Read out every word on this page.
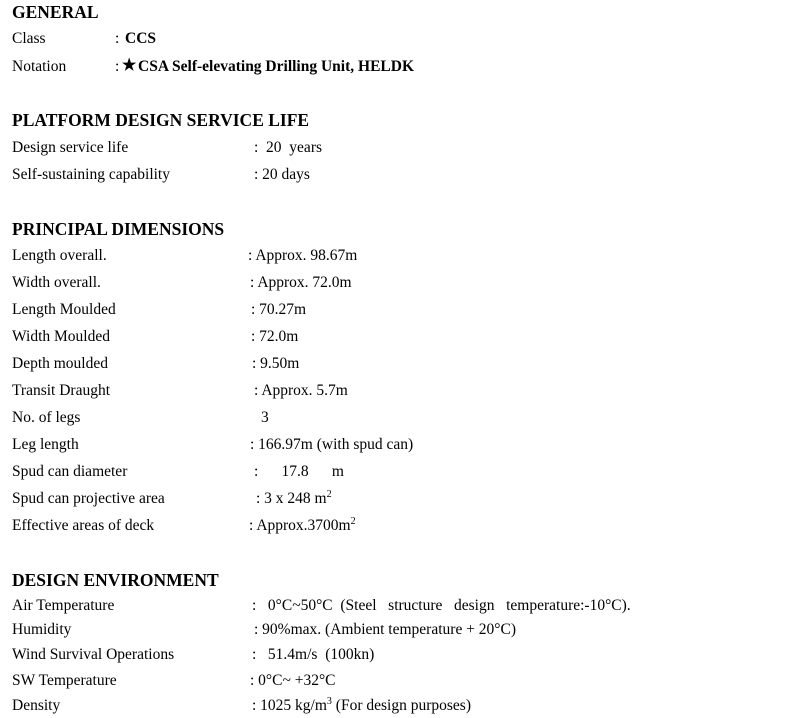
GENERAL
Class	: CCS
Notation	: ★ CSA Self-elevating Drilling Unit, HELDK
PLATFORM DESIGN SERVICE LIFE
Design service life	:  20  years
Self-sustaining capability	: 20 days
PRINCIPAL DIMENSIONS
Length overall.	: Approx. 98.67m
Width overall.	: Approx. 72.0m
Length Moulded	: 70.27m
Width Moulded	: 72.0m
Depth moulded	: 9.50m
Transit Draught	: Approx. 5.7m
No. of legs	3
Leg length	: 166.97m (with spud can)
Spud can diameter	:      17.8      m
Spud can projective area	: 3 x 248 $m^2$
Effective areas of deck	: $Approx.3700m^2$
DESIGN ENVIRONMENT
Air Temperature	:   0°C~50°C  (Steel   structure   design   temperature:-10°C).
Humidity	: 90%max. (Ambient temperature + 20°C)
Wind Survival Operations	:   51.4m/s  (100kn)
SW Temperature	: 0°C~ +32°C
Density	: 1025 $kg/m^3$ (For design purposes)
